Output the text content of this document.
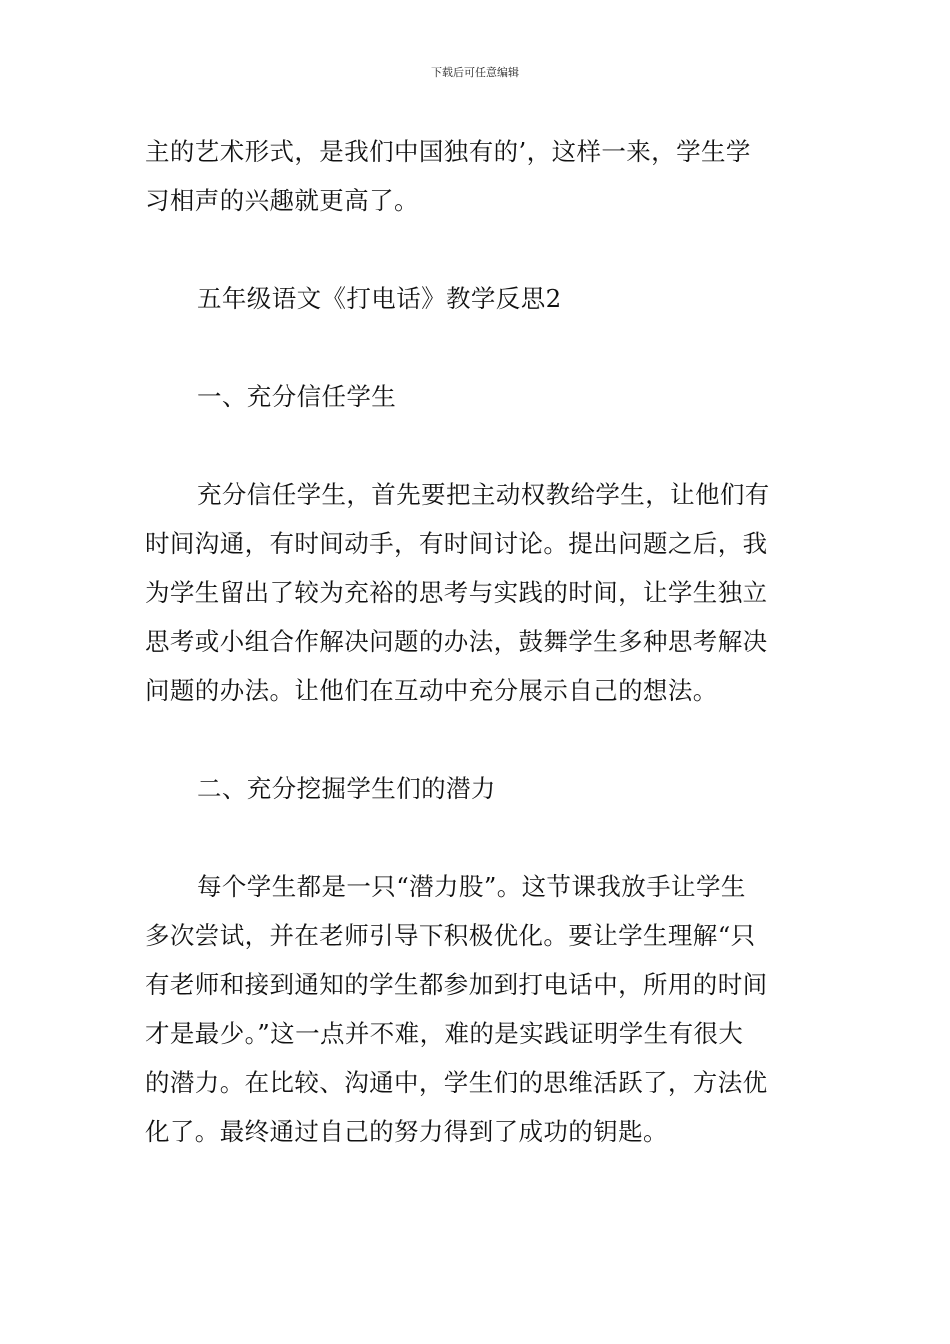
下载后可任意编辑

主的艺术形式，是我们中国独有的’，这样一来，学生学
习相声的兴趣就更高了。

五年级语文《打电话》教学反思2

一、充分信任学生

充分信任学生，首先要把主动权教给学生，让他们有
时间沟通，有时间动手，有时间讨论。提出问题之后，我
为学生留出了较为充裕的思考与实践的时间，让学生独立
思考或小组合作解决问题的办法，鼓舞学生多种思考解决
问题的办法。让他们在互动中充分展示自己的想法。

二、充分挖掘学生们的潜力

每个学生都是一只“潜力股”。这节课我放手让学生
多次尝试，并在老师引导下积极优化。要让学生理解“只
有老师和接到通知的学生都参加到打电话中，所用的时间
才是最少。”这一点并不难，难的是实践证明学生有很大
的潜力。在比较、沟通中，学生们的思维活跃了，方法优
化了。最终通过自己的努力得到了成功的钥匙。
